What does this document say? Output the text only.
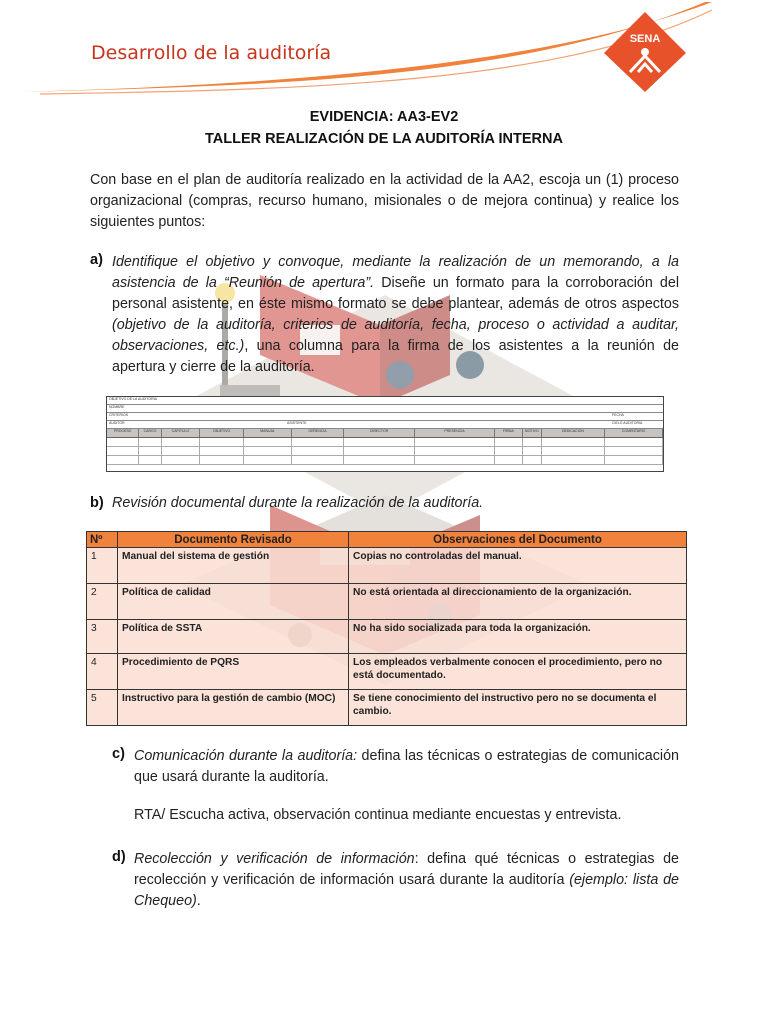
Desarrollo de la auditoría
SENA
EVIDENCIA: AA3-EV2
TALLER REALIZACIÓN DE LA AUDITORÍA INTERNA
Con base en el plan de auditoría realizado en la actividad de la AA2, escoja un (1) proceso organizacional (compras, recurso humano, misionales o de mejora continua) y realice los siguientes puntos:
a) Identifique el objetivo y convoque, mediante la realización de un memorando, a la asistencia de la “Reunión de apertura”. Diseñe un formato para la corroboración del personal asistente, en éste mismo formato se debe plantear, además de otros aspectos (objetivo de la auditoría, criterios de auditoría, fecha, proceso o actividad a auditar, observaciones, etc.), una columna para la firma de los asistentes a la reunión de apertura y cierre de la auditoría.
OBJETIVO DE LA AUDITORIA
NOMBRE
CRITERIOS	FECHA
AUDITOR	ASISTENTE	CIELO AUDITORIA
PROCESO	CARGO	CAPITULO	OBJETIVO	MANUAL	GERENCIA	DIRECTOR	PRESENCIA	FIRMA	MOTIVO	DEDICACION	COMENTARIO
b) Revisión documental durante la realización de la auditoría.
Nº	Documento Revisado	Observaciones del Documento
1	Manual del sistema de gestión	Copias no controladas del manual.
2	Política de calidad	No está orientada al direccionamiento de la organización.
3	Política de SSTA	No ha sido socializada para toda la organización.
4	Procedimiento de PQRS	Los empleados verbalmente conocen el procedimiento, pero no está documentado.
5	Instructivo para la gestión de cambio (MOC)	Se tiene conocimiento del instructivo pero no se documenta el cambio.
c) Comunicación durante la auditoría: defina las técnicas o estrategias de comunicación que usará durante la auditoría.
RTA/ Escucha activa, observación continua mediante encuestas y entrevista.
d) Recolección y verificación de información: defina qué técnicas o estrategias de recolección y verificación de información usará durante la auditoría (ejemplo: lista de Chequeo).
